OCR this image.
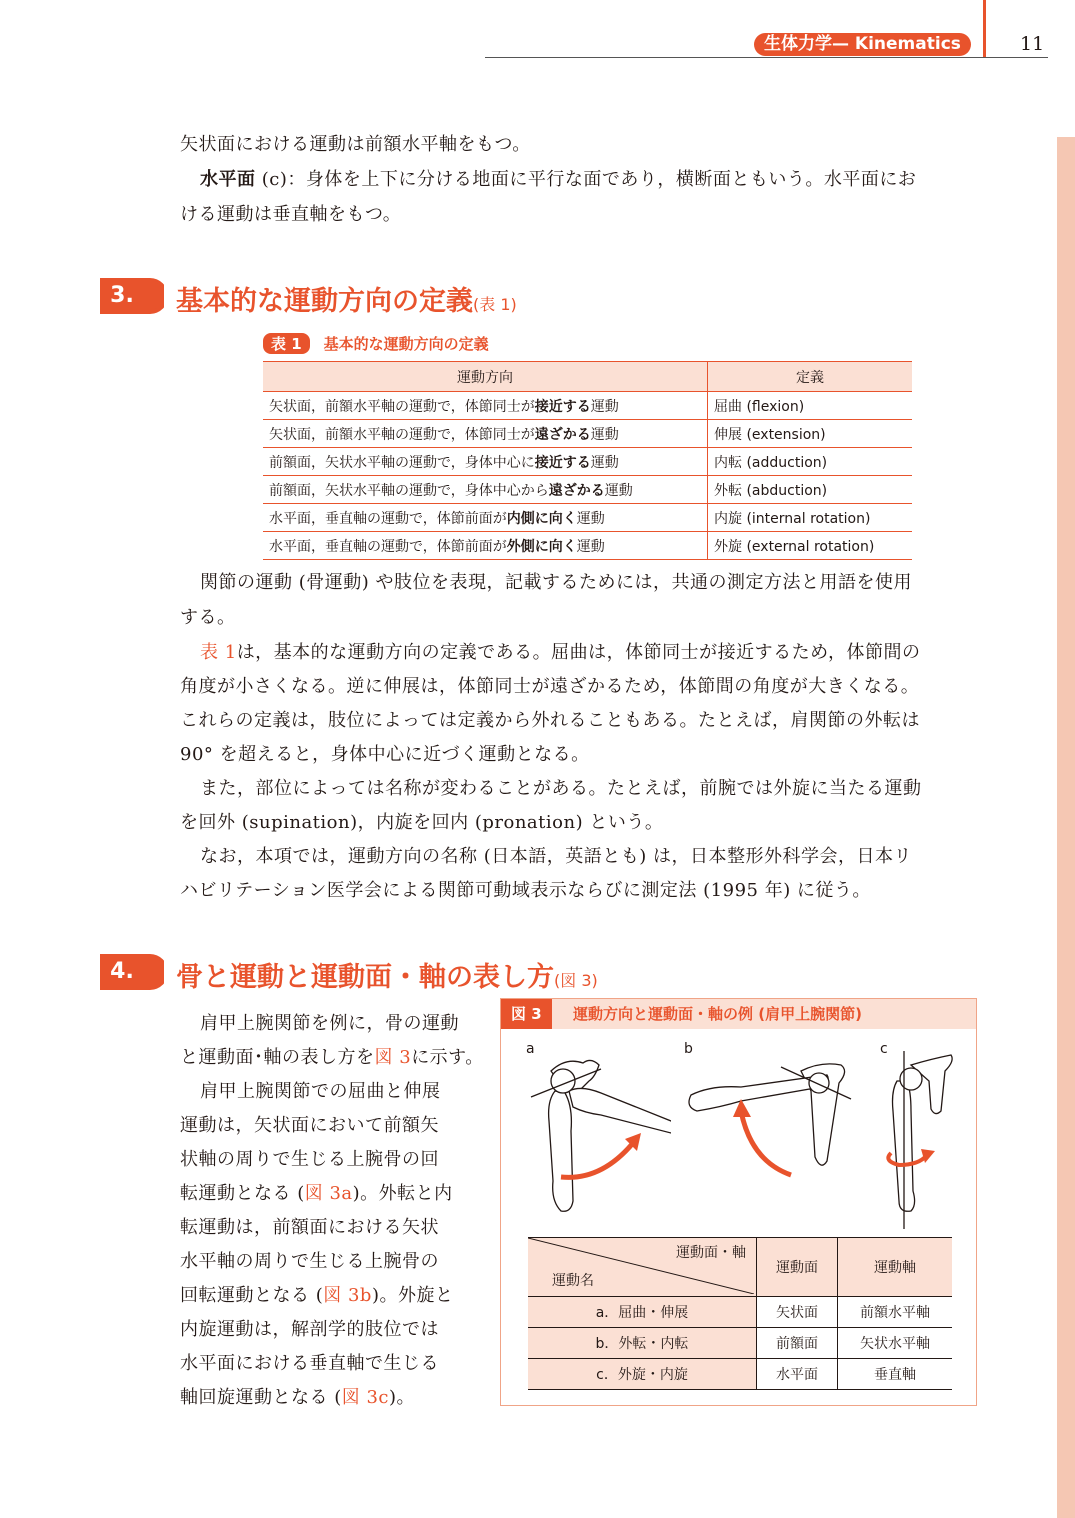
生体力学— Kinematics	11
矢状面における運動は前額水平軸をもつ。
水平面 (c)：身体を上下に分ける地面に平行な面であり，横断面ともいう。水平面にお
ける運動は垂直軸をもつ。
3.	基本的な運動方向の定義(表 1)
表 1 基本的な運動方向の定義
運動方向	定義
矢状面，前額水平軸の運動で，体節同士が接近する運動	屈曲 (flexion)
矢状面，前額水平軸の運動で，体節同士が遠ざかる運動	伸展 (extension)
前額面，矢状水平軸の運動で，身体中心に接近する運動	内転 (adduction)
前額面，矢状水平軸の運動で，身体中心から遠ざかる運動	外転 (abduction)
水平面，垂直軸の運動で，体節前面が内側に向く運動	内旋 (internal rotation)
水平面，垂直軸の運動で，体節前面が外側に向く運動	外旋 (external rotation)
関節の運動 (骨運動) や肢位を表現，記載するためには，共通の測定方法と用語を使用
する。
表 1は，基本的な運動方向の定義である。屈曲は，体節同士が接近するため，体節間の
角度が小さくなる。逆に伸展は，体節同士が遠ざかるため，体節間の角度が大きくなる。
これらの定義は，肢位によっては定義から外れることもある。たとえば，肩関節の外転は
90° を超えると，身体中心に近づく運動となる。
また，部位によっては名称が変わることがある。たとえば，前腕では外旋に当たる運動
を回外 (supination)，内旋を回内 (pronation) という。
なお，本項では，運動方向の名称 (日本語，英語とも) は，日本整形外科学会，日本リ
ハビリテーション医学会による関節可動域表示ならびに測定法 (1995 年) に従う。
4.	骨と運動と運動面・軸の表し方(図 3)
肩甲上腕関節を例に，骨の運動
と運動面･軸の表し方を図 3に示す。
肩甲上腕関節での屈曲と伸展
運動は，矢状面において前額矢
状軸の周りで生じる上腕骨の回
転運動となる (図 3a)。外転と内
転運動は，前額面における矢状
水平軸の周りで生じる上腕骨の
回転運動となる (図 3b)。外旋と
内旋運動は，解剖学的肢位では
水平面における垂直軸で生じる
軸回旋運動となる (図 3c)。
図 3	運動方向と運動面・軸の例 (肩甲上腕関節)
a	b	c
運動面・軸
運動名	運動面	運動軸
a．屈曲・伸展	矢状面	前額水平軸
b．外転・内転	前額面	矢状水平軸
c．外旋・内旋	水平面	垂直軸
